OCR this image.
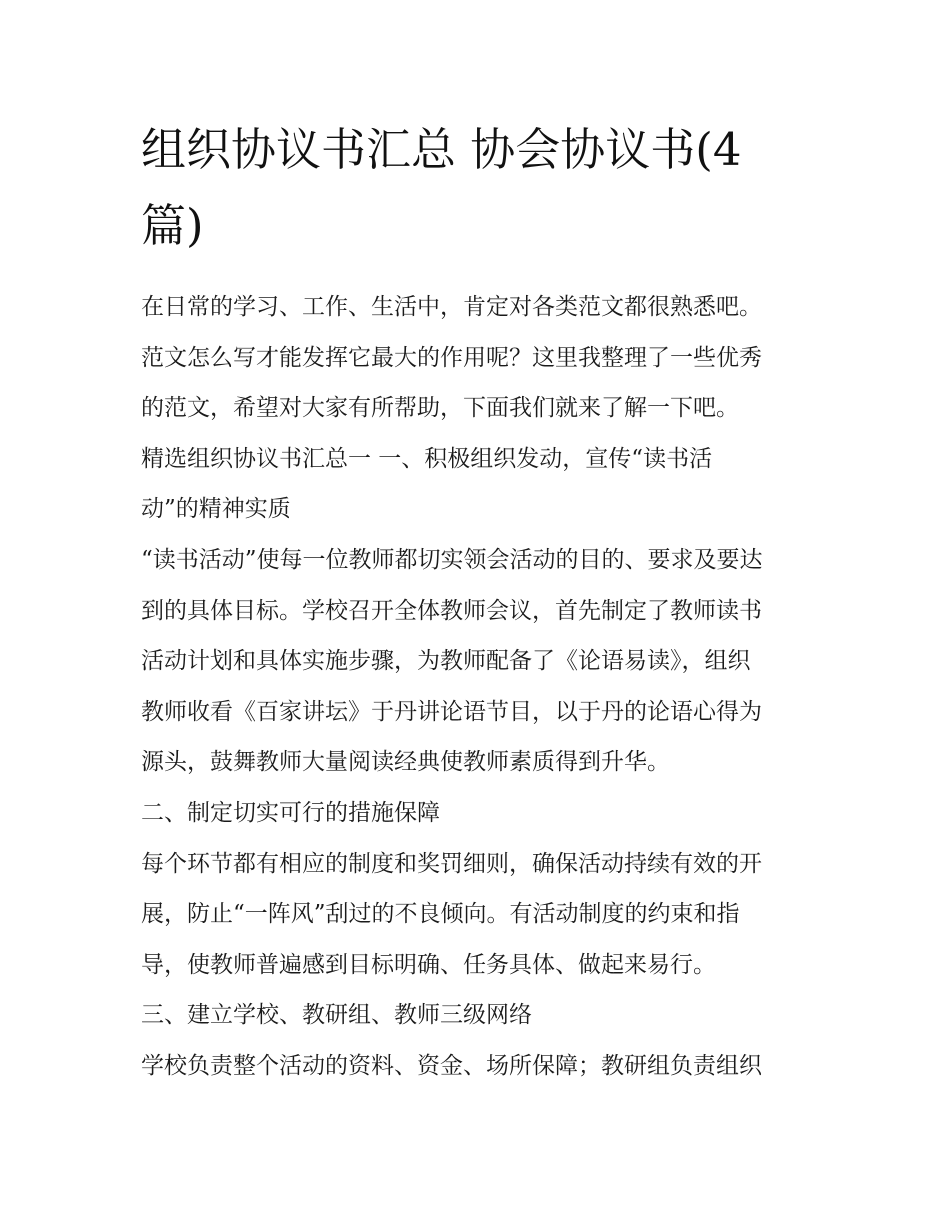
组织协议书汇总 协会协议书(4
篇)
在日常的学习、工作、生活中，肯定对各类范文都很熟悉吧。
范文怎么写才能发挥它最大的作用呢？这里我整理了一些优秀
的范文，希望对大家有所帮助，下面我们就来了解一下吧。
精选组织协议书汇总一 一、积极组织发动，宣传“读书活
动”的精神实质
“读书活动”使每一位教师都切实领会活动的目的、要求及要达
到的具体目标。学校召开全体教师会议，首先制定了教师读书
活动计划和具体实施步骤，为教师配备了《论语易读》，组织
教师收看《百家讲坛》于丹讲论语节目，以于丹的论语心得为
源头，鼓舞教师大量阅读经典使教师素质得到升华。
二、制定切实可行的措施保障
每个环节都有相应的制度和奖罚细则，确保活动持续有效的开
展，防止“一阵风”刮过的不良倾向。有活动制度的约束和指
导，使教师普遍感到目标明确、任务具体、做起来易行。
三、建立学校、教研组、教师三级网络
学校负责整个活动的资料、资金、场所保障；教研组负责组织
